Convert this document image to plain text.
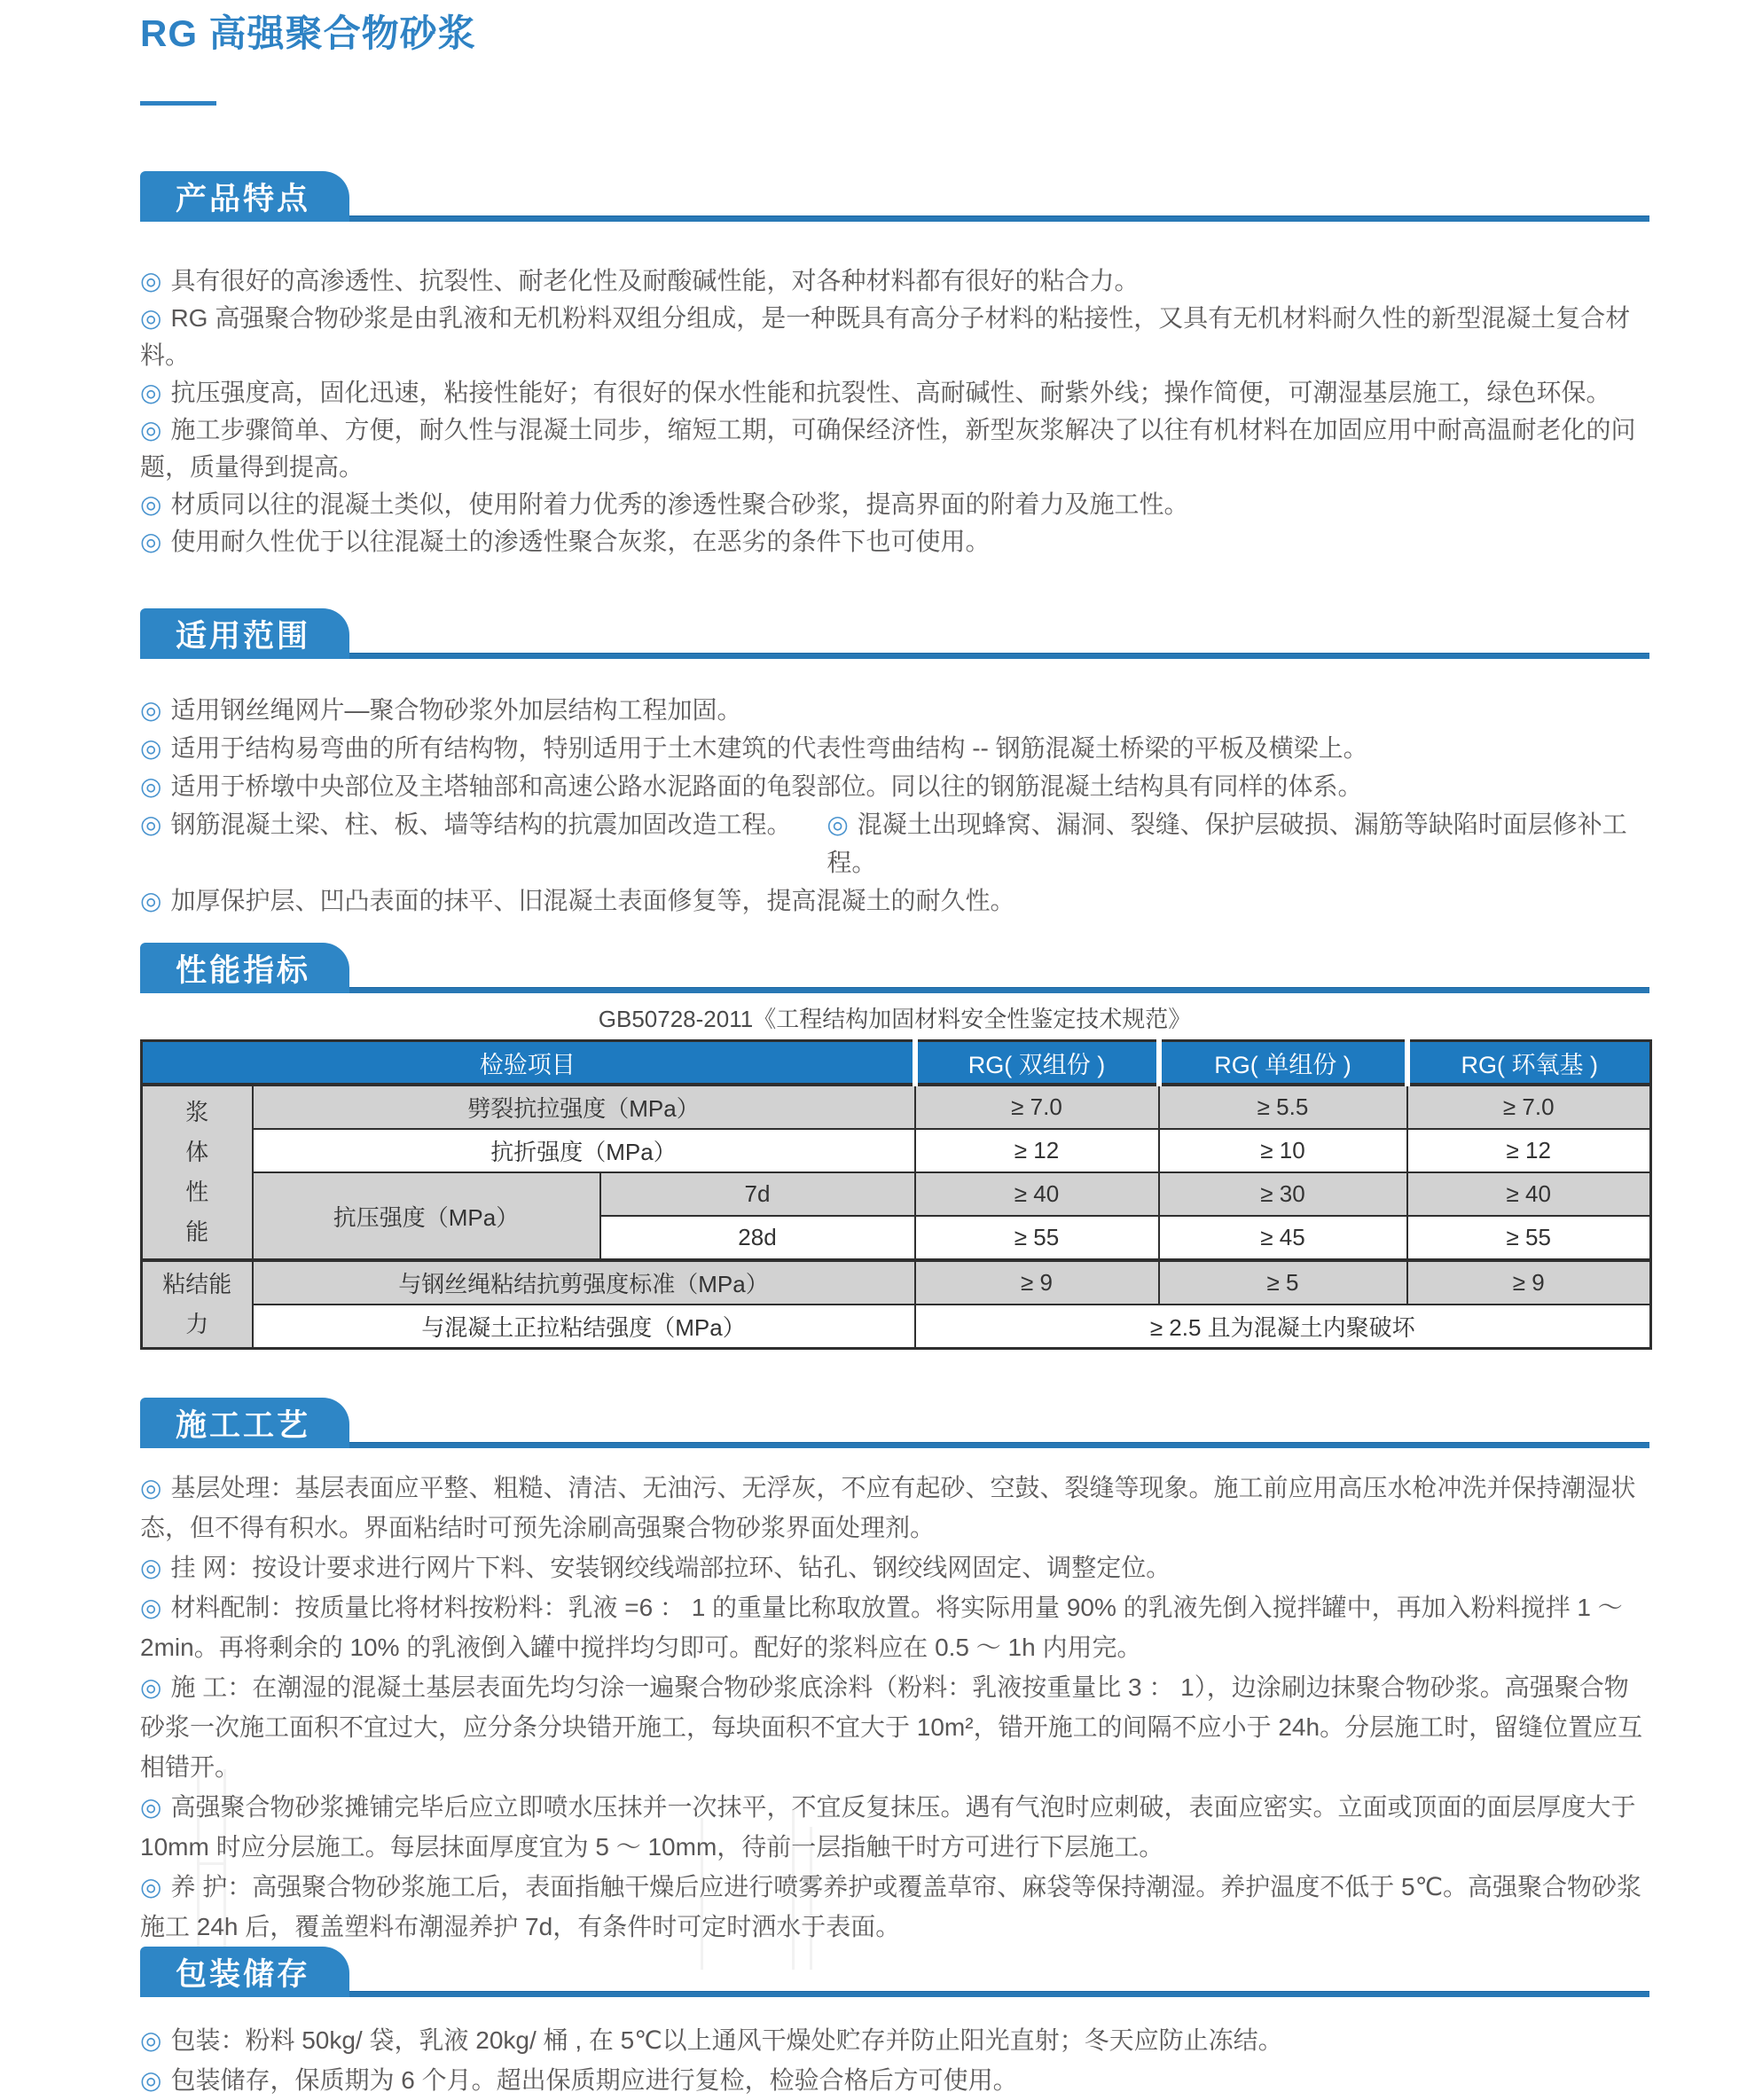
RG 高强聚合物砂浆
产品特点

◎ 具有很好的高渗透性、抗裂性、耐老化性及耐酸碱性能，对各种材料都有很好的粘合力。

◎ RG 高强聚合物砂浆是由乳液和无机粉料双组分组成，是一种既具有高分子材料的粘接性，又具有无机材料耐久性的新型混凝土复合材料。

◎ 抗压强度高，固化迅速，粘接性能好；有很好的保水性能和抗裂性、高耐碱性、耐紫外线；操作简便，可潮湿基层施工，绿色环保。

◎ 施工步骤简单、方便，耐久性与混凝土同步，缩短工期，可确保经济性，新型灰浆解决了以往有机材料在加固应用中耐高温耐老化的问题，质量得到提高。

◎ 材质同以往的混凝土类似，使用附着力优秀的渗透性聚合砂浆，提高界面的附着力及施工性。

◎ 使用耐久性优于以往混凝土的渗透性聚合灰浆，在恶劣的条件下也可使用。

适用范围

◎ 适用钢丝绳网片—聚合物砂浆外加层结构工程加固。

◎ 适用于结构易弯曲的所有结构物，特别适用于土木建筑的代表性弯曲结构 -- 钢筋混凝土桥梁的平板及横梁上。

◎ 适用于桥墩中央部位及主塔轴部和高速公路水泥路面的龟裂部位。同以往的钢筋混凝土结构具有同样的体系。

◎ 钢筋混凝土梁、柱、板、墙等结构的抗震加固改造工程。	◎ 混凝土出现蜂窝、漏洞、裂缝、保护层破损、漏筋等缺陷时面层修补工程。

◎ 加厚保护层、凹凸表面的抹平、旧混凝土表面修复等，提高混凝土的耐久性。

性能指标
GB50728-2011《工程结构加固材料安全性鉴定技术规范》
检验项目			RG( 双组份 )	RG( 单组份 )	RG( 环氧基 )
浆体性能	劈裂抗拉强度（MPa）		≥ 7.0	≥ 5.5	≥ 7.0
	抗折强度（MPa）		≥ 12	≥ 10	≥ 12
	抗压强度（MPa）	7d	≥ 40	≥ 30	≥ 40
		28d	≥ 55	≥ 45	≥ 55
粘结能力	与钢丝绳粘结抗剪强度标准（MPa）		≥ 9	≥ 5	≥ 9
	与混凝土正拉粘结强度（MPa）		≥ 2.5 且为混凝土内聚破坏		
施工工艺

◎ 基层处理：基层表面应平整、粗糙、清洁、无油污、无浮灰，不应有起砂、空鼓、裂缝等现象。施工前应用高压水枪冲洗并保持潮湿状态，但不得有积水。界面粘结时可预先涂刷高强聚合物砂浆界面处理剂。

◎ 挂 网：按设计要求进行网片下料、安装钢绞线端部拉环、钻孔、钢绞线网固定、调整定位。

◎ 材料配制：按质量比将材料按粉料：乳液 =6 ： 1 的重量比称取放置。将实际用量 90% 的乳液先倒入搅拌罐中，再加入粉料搅拌 1 ～ 2min。再将剩余的 10% 的乳液倒入罐中搅拌均匀即可。配好的浆料应在 0.5 ～ 1h 内用完。

◎ 施 工：在潮湿的混凝土基层表面先均匀涂一遍聚合物砂浆底涂料（粉料：乳液按重量比 3 ： 1），边涂刷边抹聚合物砂浆。高强聚合物砂浆一次施工面积不宜过大，应分条分块错开施工，每块面积不宜大于 10m²，错开施工的间隔不应小于 24h。分层施工时，留缝位置应互相错开。

◎ 高强聚合物砂浆摊铺完毕后应立即喷水压抹并一次抹平，不宜反复抹压。遇有气泡时应刺破，表面应密实。立面或顶面的面层厚度大于 10mm 时应分层施工。每层抹面厚度宜为 5 ～ 10mm，待前一层指触干时方可进行下层施工。

◎ 养 护：高强聚合物砂浆施工后，表面指触干燥后应进行喷雾养护或覆盖草帘、麻袋等保持潮湿。养护温度不低于 5℃。高强聚合物砂浆施工 24h 后，覆盖塑料布潮湿养护 7d，有条件时可定时洒水于表面。

包装储存

◎ 包装：粉料 50kg/ 袋，乳液 20kg/ 桶 , 在 5℃以上通风干燥处贮存并防止阳光直射；冬天应防止冻结。

◎ 包装储存，保质期为 6 个月。超出保质期应进行复检，检验合格后方可使用。
